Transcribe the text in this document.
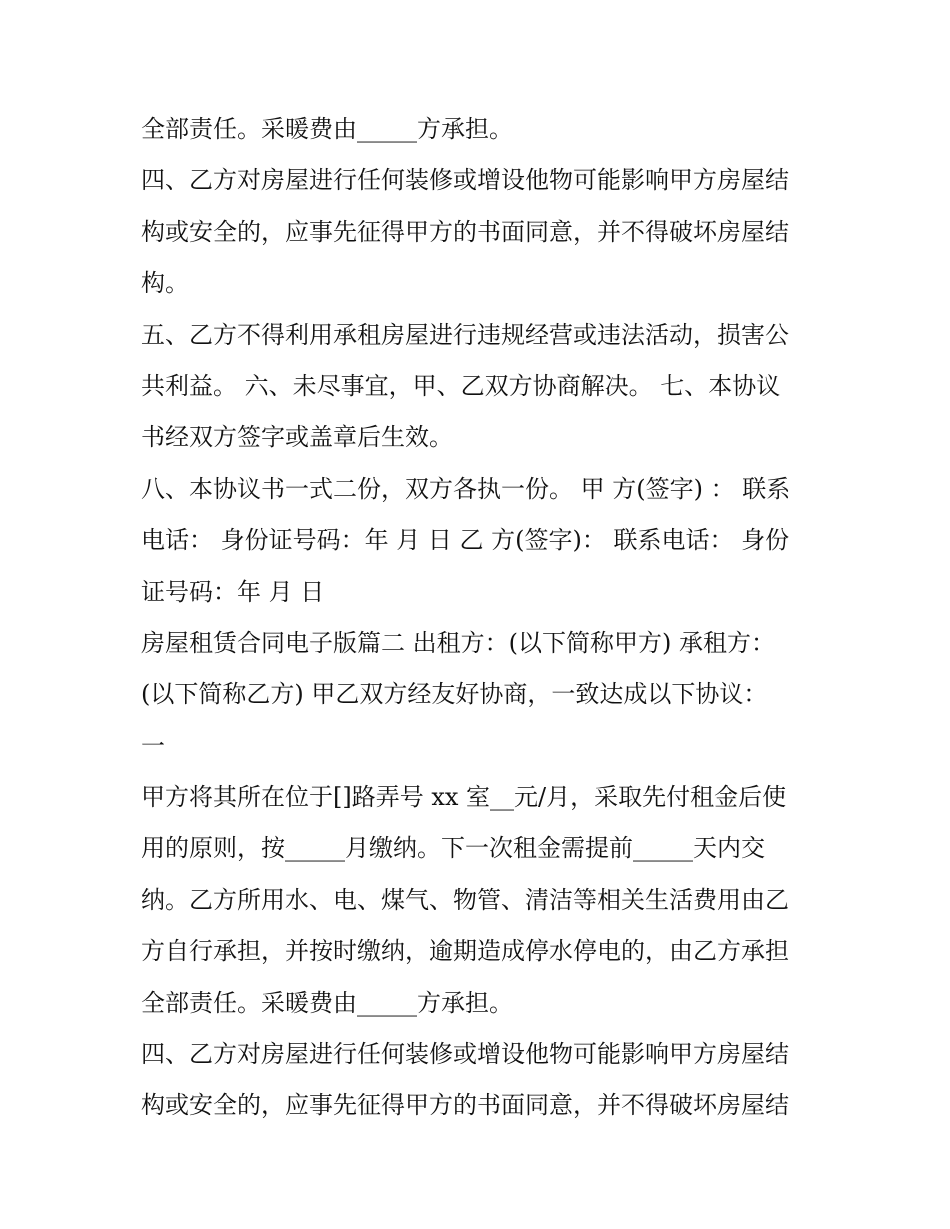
全部责任。采暖费由_____方承担。
四、乙方对房屋进行任何装修或增设他物可能影响甲方房屋结
构或安全的，应事先征得甲方的书面同意，并不得破坏房屋结
构。
五、乙方不得利用承租房屋进行违规经营或违法活动，损害公
共利益。 六、未尽事宜，甲、乙双方协商解决。 七、本协议
书经双方签字或盖章后生效。
八、本协议书一式二份，双方各执一份。 甲 方(签字) ： 联系
电话： 身份证号码：年 月 日 乙 方(签字)： 联系电话： 身份
证号码：年 月 日
房屋租赁合同电子版篇二 出租方：(以下简称甲方) 承租方：
(以下简称乙方) 甲乙双方经友好协商，一致达成以下协议：
一
甲方将其所在位于[]路弄号 xx 室__元/月，采取先付租金后使
用的原则，按_____月缴纳。下一次租金需提前_____天内交
纳。乙方所用水、电、煤气、物管、清洁等相关生活费用由乙
方自行承担，并按时缴纳，逾期造成停水停电的，由乙方承担
全部责任。采暖费由_____方承担。
四、乙方对房屋进行任何装修或增设他物可能影响甲方房屋结
构或安全的，应事先征得甲方的书面同意，并不得破坏房屋结
